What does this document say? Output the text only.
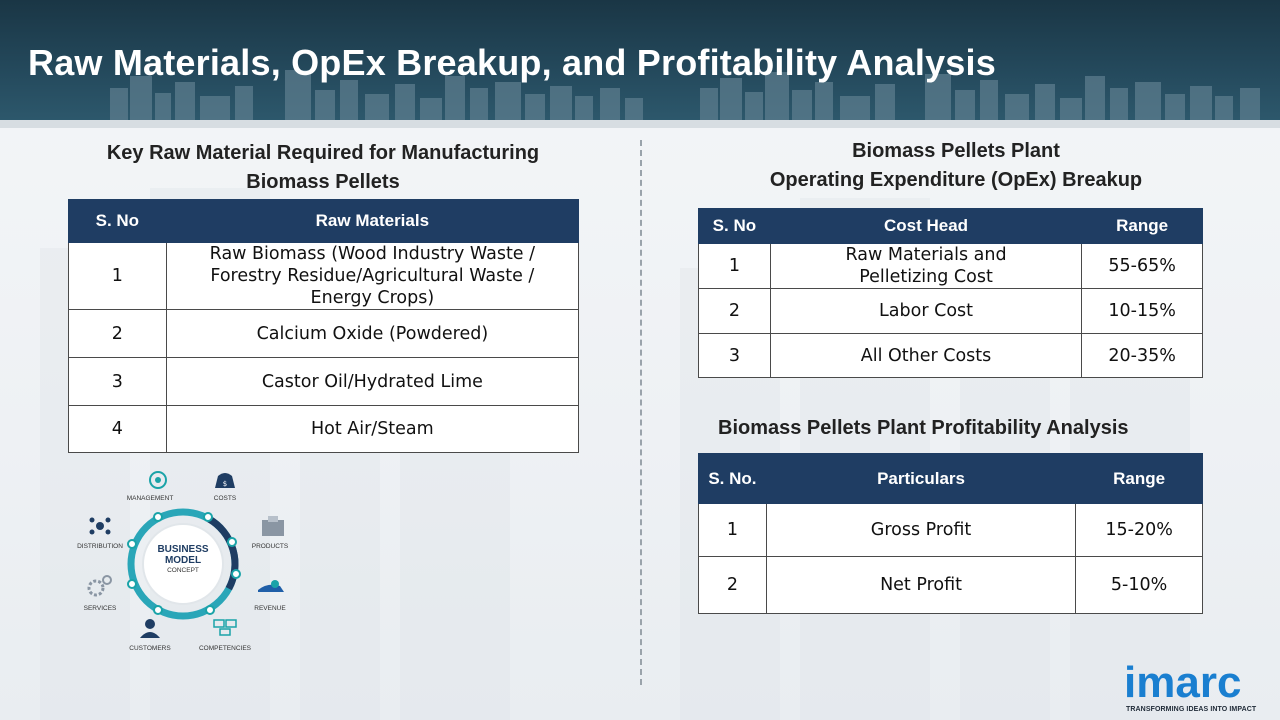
Raw Materials, OpEx Breakup, and Profitability Analysis
Key Raw Material Required for Manufacturing
Biomass Pellets
S. No	Raw Materials
1	Raw Biomass (Wood Industry Waste / Forestry Residue/Agricultural Waste / Energy Crops)
2	Calcium Oxide (Powdered)
3	Castor Oil/Hydrated Lime
4	Hot Air/Steam
$
MANAGEMENT	COSTS
PRODUCTS
REVENUE
COMPETENCIES
CUSTOMERS
SERVICES
DISTRIBUTION	BUSINESS
MODEL
CONCEPT
Biomass Pellets Plant
Operating Expenditure (OpEx) Breakup
S. No	Cost Head	Range
1	Raw Materials and Pelletizing Cost	55-65%
2	Labor Cost	10-15%
3	All Other Costs	20-35%
Biomass Pellets Plant Profitability Analysis
S. No.	Particulars	Range
1	Gross Profit	15-20%
2	Net Profit	5-10%
imarc
TRANSFORMING IDEAS INTO IMPACT
